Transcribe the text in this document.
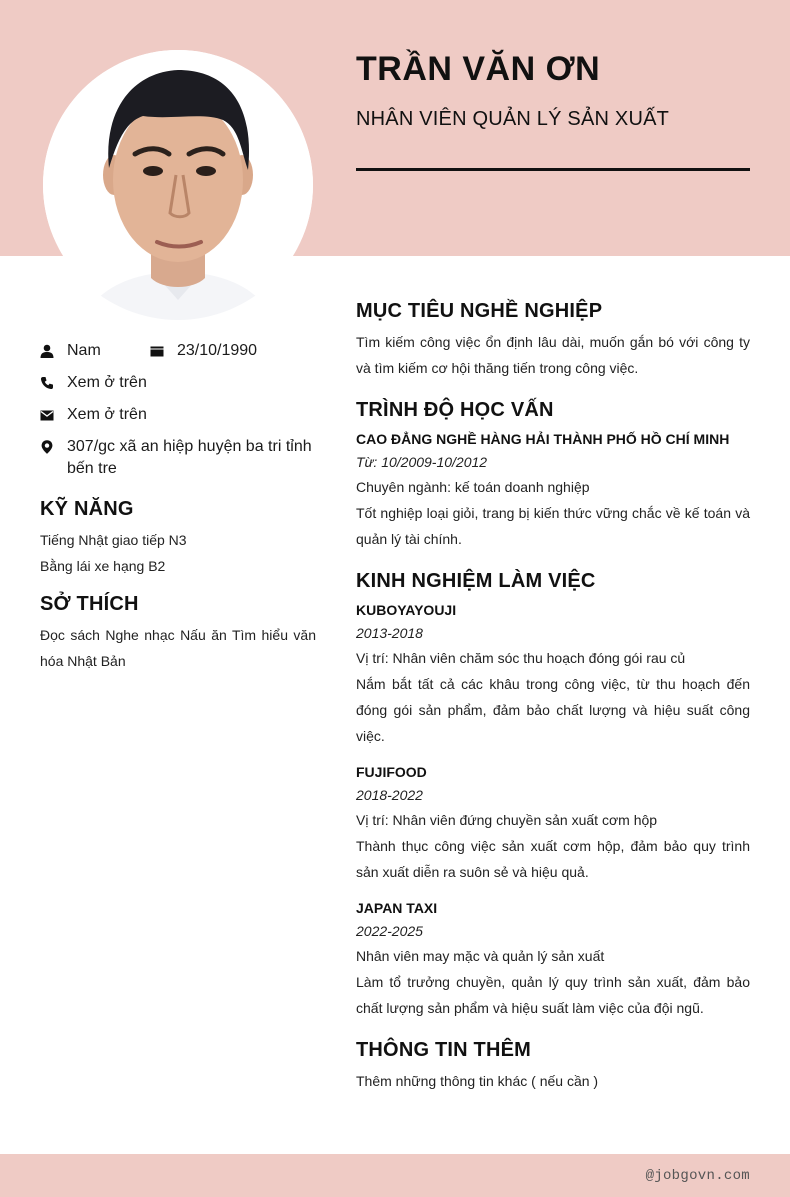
TRẦN VĂN ƠN
NHÂN VIÊN QUẢN LÝ SẢN XUẤT
Nam	23/10/1990
Xem ở trên
Xem ở trên
307/gc xã an hiệp huyện ba tri tỉnh bến tre
KỸ NĂNG
Tiếng Nhật giao tiếp N3
Bằng lái xe hạng B2
SỞ THÍCH
Đọc sách Nghe nhạc Nấu ăn Tìm hiểu văn hóa Nhật Bản
MỤC TIÊU NGHỀ NGHIỆP
Tìm kiếm công việc ổn định lâu dài, muốn gắn bó với công ty và tìm kiếm cơ hội thăng tiến trong công việc.
TRÌNH ĐỘ HỌC VẤN
CAO ĐẲNG NGHỀ HÀNG HẢI THÀNH PHỐ HỒ CHÍ MINH
Từ: 10/2009-10/2012
Chuyên ngành: kế toán doanh nghiệp
Tốt nghiệp loại giỏi, trang bị kiến thức vững chắc về kế toán và quản lý tài chính.
KINH NGHIỆM LÀM VIỆC
KUBOYAYOUJI
2013-2018
Vị trí: Nhân viên chăm sóc thu hoạch đóng gói rau củ
Nắm bắt tất cả các khâu trong công việc, từ thu hoạch đến đóng gói sản phẩm, đảm bảo chất lượng và hiệu suất công việc.
FUJIFOOD
2018-2022
Vị trí: Nhân viên đứng chuyền sản xuất cơm hộp
Thành thục công việc sản xuất cơm hộp, đảm bảo quy trình sản xuất diễn ra suôn sẻ và hiệu quả.
JAPAN TAXI
2022-2025
Nhân viên may mặc và quản lý sản xuất
Làm tổ trưởng chuyền, quản lý quy trình sản xuất, đảm bảo chất lượng sản phẩm và hiệu suất làm việc của đội ngũ.
THÔNG TIN THÊM
Thêm những thông tin khác ( nếu cần )
@jobgovn.com
